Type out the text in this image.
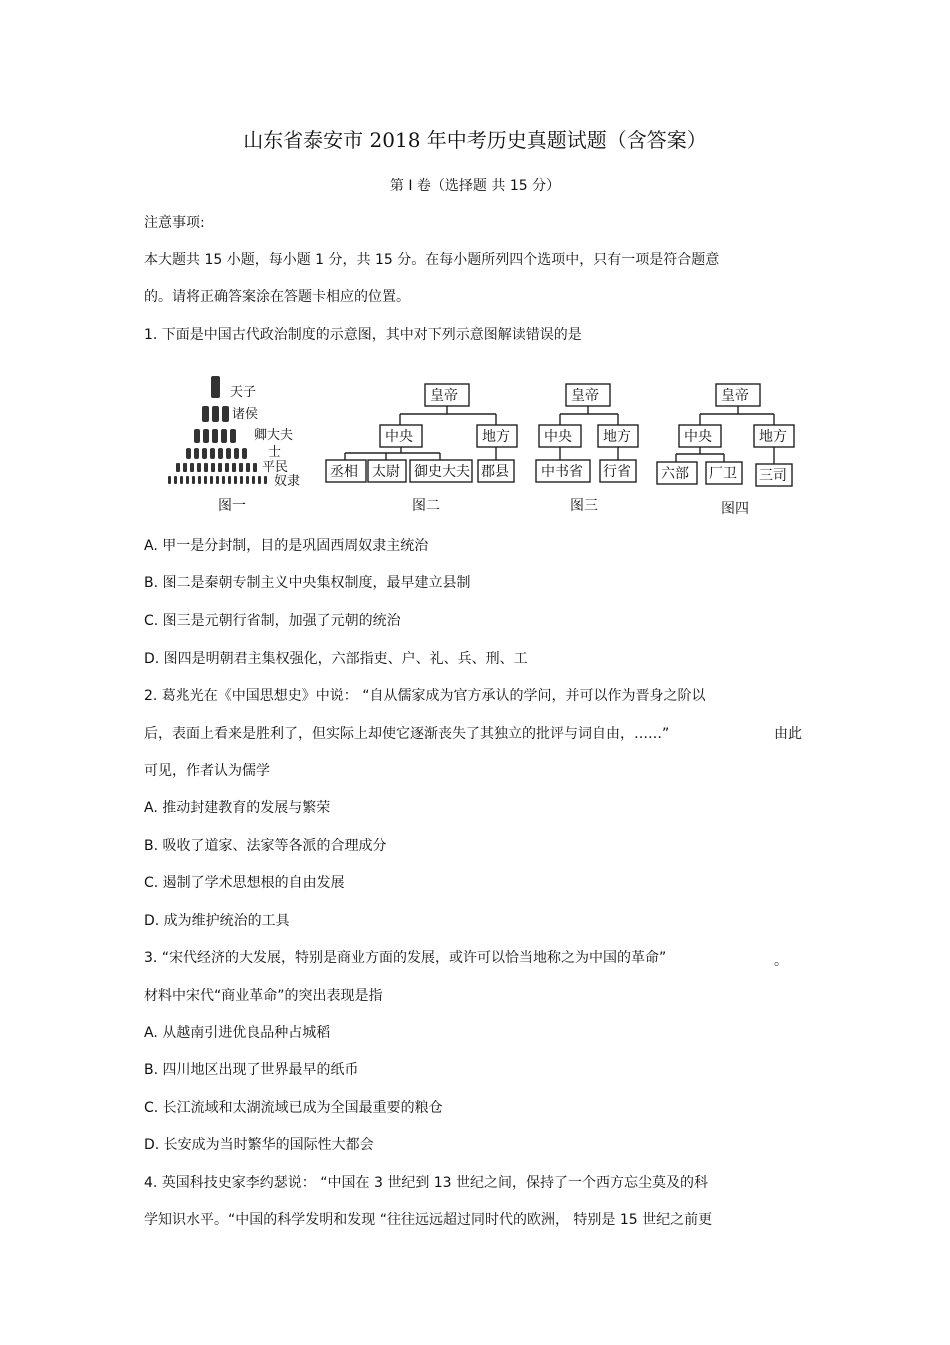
山东省泰安市 2018 年中考历史真题试题（含答案）
第 I 卷（选择题 共 15 分）
注意事项:
本大题共 15 小题，每小题 1 分，共 15 分。在每小题所列四个选项中，只有一项是符合题意
的。请将正确答案涂在答题卡相应的位置。
1. 下面是中国古代政治制度的示意图，其中对下列示意图解读错误的是
天子
诸侯
卿大夫
士
平民
奴隶
图一
皇帝
中央	地方
丞相 太尉 御史大夫 郡县
图二
皇帝
中央 地方
中书省 行省
图三
皇帝
中央	地方
六部 厂卫 三司
图四
A. 甲一是分封制，目的是巩固西周奴隶主统治
B. 图二是秦朝专制主义中央集权制度，最早建立县制
C. 图三是元朝行省制，加强了元朝的统治
D. 图四是明朝君主集权强化，六部指吏、户、礼、兵、刑、工
2. 葛兆光在《中国思想史》中说： “自从儒家成为官方承认的学问，并可以作为晋身之阶以
后，表面上看来是胜利了，但实际上却使它逐渐丧失了其独立的批评与词自由，……”	由此
可见，作者认为儒学
A. 推动封建教育的发展与繁荣
B. 吸收了道家、法家等各派的合理成分
C. 遏制了学术思想根的自由发展
D. 成为维护统治的工具
3. “宋代经济的大发展，特别是商业方面的发展，或许可以恰当地称之为中国的革命”	。
材料中宋代“商业革命”的突出表现是指
A. 从越南引进优良品种占城稻
B. 四川地区出现了世界最早的纸币
C. 长江流域和太湖流域已成为全国最重要的粮仓
D. 长安成为当时繁华的国际性大都会
4. 英国科技史家李约瑟说： “中国在 3 世纪到 13 世纪之间，保持了一个西方忘尘莫及的科
学知识水平。“中国的科学发明和发现 “往往远远超过同时代的欧洲， 特别是 15 世纪之前更
